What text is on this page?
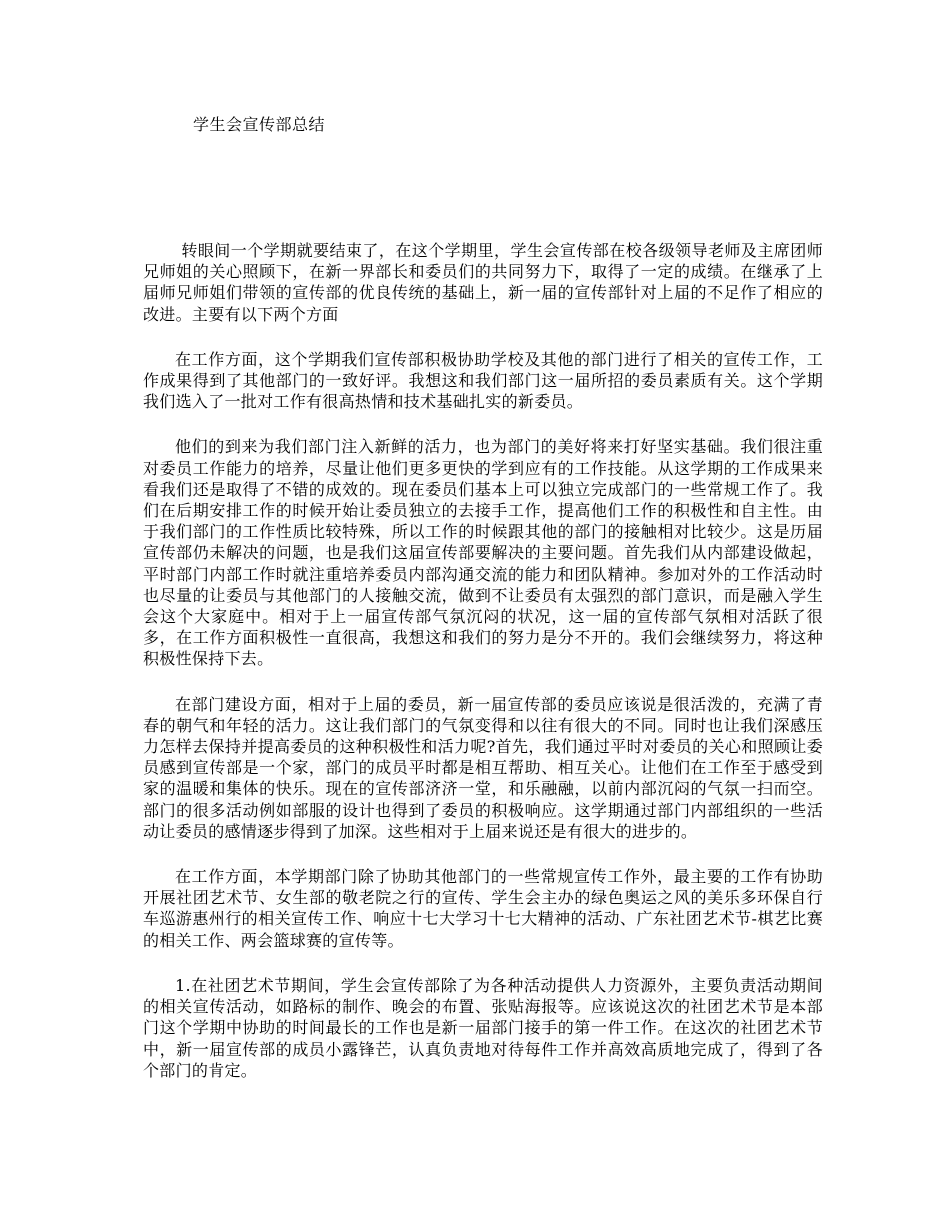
学生会宣传部总结

转眼间一个学期就要结束了，在这个学期里，学生会宣传部在校各级领导老师及主席团师兄师姐的关心照顾下，在新一界部长和委员们的共同努力下，取得了一定的成绩。在继承了上届师兄师姐们带领的宣传部的优良传统的基础上，新一届的宣传部针对上届的不足作了相应的改进。主要有以下两个方面

在工作方面，这个学期我们宣传部积极协助学校及其他的部门进行了相关的宣传工作，工作成果得到了其他部门的一致好评。我想这和我们部门这一届所招的委员素质有关。这个学期我们选入了一批对工作有很高热情和技术基础扎实的新委员。

他们的到来为我们部门注入新鲜的活力，也为部门的美好将来打好坚实基础。我们很注重对委员工作能力的培养，尽量让他们更多更快的学到应有的工作技能。从这学期的工作成果来看我们还是取得了不错的成效的。现在委员们基本上可以独立完成部门的一些常规工作了。我们在后期安排工作的时候开始让委员独立的去接手工作，提高他们工作的积极性和自主性。由于我们部门的工作性质比较特殊，所以工作的时候跟其他的部门的接触相对比较少。这是历届宣传部仍未解决的问题，也是我们这届宣传部要解决的主要问题。首先我们从内部建设做起，平时部门内部工作时就注重培养委员内部沟通交流的能力和团队精神。参加对外的工作活动时也尽量的让委员与其他部门的人接触交流，做到不让委员有太强烈的部门意识，而是融入学生会这个大家庭中。相对于上一届宣传部气氛沉闷的状况，这一届的宣传部气氛相对活跃了很多，在工作方面积极性一直很高，我想这和我们的努力是分不开的。我们会继续努力，将这种积极性保持下去。

在部门建设方面，相对于上届的委员，新一届宣传部的委员应该说是很活泼的，充满了青春的朝气和年轻的活力。这让我们部门的气氛变得和以往有很大的不同。同时也让我们深感压力怎样去保持并提高委员的这种积极性和活力呢?首先，我们通过平时对委员的关心和照顾让委员感到宣传部是一个家，部门的成员平时都是相互帮助、相互关心。让他们在工作至于感受到家的温暖和集体的快乐。现在的宣传部济济一堂，和乐融融，以前内部沉闷的气氛一扫而空。部门的很多活动例如部服的设计也得到了委员的积极响应。这学期通过部门内部组织的一些活动让委员的感情逐步得到了加深。这些相对于上届来说还是有很大的进步的。

在工作方面，本学期部门除了协助其他部门的一些常规宣传工作外，最主要的工作有协助开展社团艺术节、女生部的敬老院之行的宣传、学生会主办的绿色奥运之风的美乐多环保自行车巡游惠州行的相关宣传工作、响应十七大学习十七大精神的活动、广东社团艺术节-棋艺比赛的相关工作、两会篮球赛的宣传等。

1.在社团艺术节期间，学生会宣传部除了为各种活动提供人力资源外，主要负责活动期间的相关宣传活动，如路标的制作、晚会的布置、张贴海报等。应该说这次的社团艺术节是本部门这个学期中协助的时间最长的工作也是新一届部门接手的第一件工作。在这次的社团艺术节中，新一届宣传部的成员小露锋芒，认真负责地对待每件工作并高效高质地完成了，得到了各个部门的肯定。
